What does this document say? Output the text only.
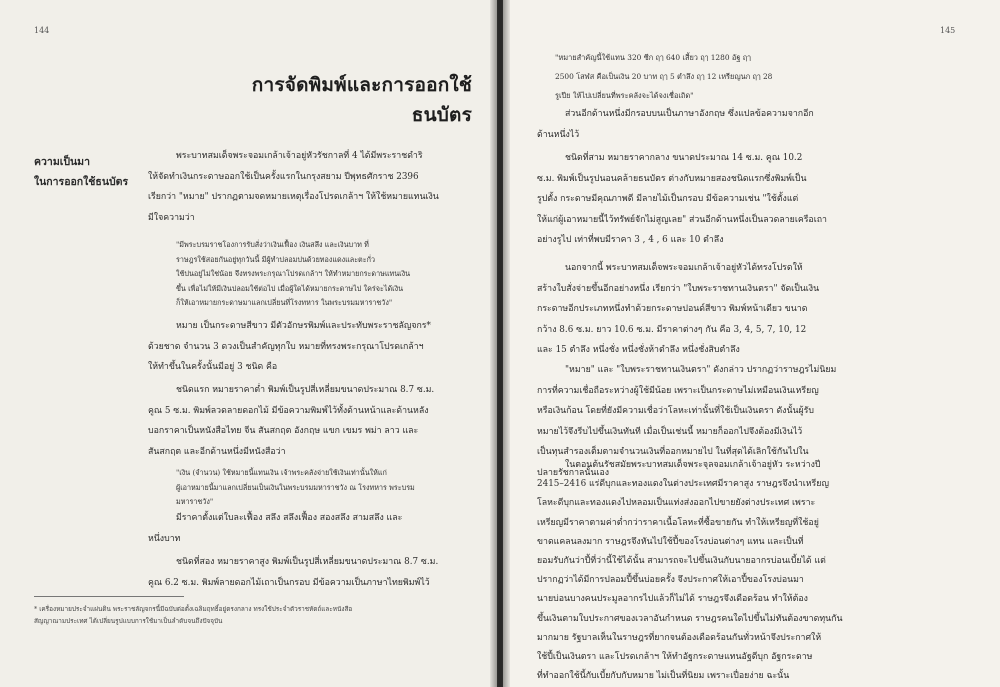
144
การจัดพิมพ์และการออกใช้ธนบัตร
ความเป็นมา
ในการออกใช้ธนบัตร
พระบาทสมเด็จพระจอมเกล้าเจ้าอยู่หัวรัชกาลที่ 4 ได้มีพระราชดำริ
ให้จัดทำเงินกระดาษออกใช้เป็นครั้งแรกในกรุงสยาม ปีพุทธศักราช 2396
เรียกว่า "หมาย" ปรากฏตามจดหมายเหตุเรื่องโปรดเกล้าฯ ให้ใช้หมายแทนเงิน
มีใจความว่า
"มีพระบรมราชโองการรับสั่งว่าเงินเฟื้อง เงินสลึง และเงินบาท ที่
ราษฎรใช้สอยกันอยู่ทุกวันนี้ มีผู้ทำปลอมปนด้วยทองแดงและตะกั่ว
ใช้ปนอยู่ไม่ใช่น้อย จึงทรงพระกรุณาโปรดเกล้าฯ ให้ทำหมายกระดาษแทนเงิน
ขึ้น เพื่อไม่ให้มีเงินปลอมใช้ต่อไป เมื่อผู้ใดได้หมายกระดาษไป ใคร่จะได้เงิน
ก็ให้เอาหมายกระดาษมาแลกเปลี่ยนที่โรงทหาร ในพระบรมมหาราชวัง"
หมาย เป็นกระดาษสีขาว มีตัวอักษรพิมพ์และประทับพระราชลัญจกร*
ด้วยชาด จำนวน 3 ดวงเป็นสำคัญทุกใบ หมายที่ทรงพระกรุณาโปรดเกล้าฯ
ให้ทำขึ้นในครั้งนั้นมีอยู่ 3 ชนิด คือ
ชนิดแรก หมายราคาต่ำ พิมพ์เป็นรูปสี่เหลี่ยมขนาดประมาณ 8.7 ซ.ม.
คูณ 5 ซ.ม. พิมพ์ลวดลายดอกไม้ มีข้อความพิมพ์ไว้ทั้งด้านหน้าและด้านหลัง
บอกราคาเป็นหนังสือไทย จีน สันสกฤต อังกฤษ แขก เขมร พม่า ลาว และ
สันสกฤต และอีกด้านหนึ่งมีหนังสือว่า
"เงิน (จำนวน) ใช้หมายนี้แทนเงิน เจ้าพระคลังจ่ายใช้เงินเท่านั้นให้แก่
ผู้เอาหมายนี้มาแลกเปลี่ยนเป็นเงินในพระบรมมหาราชวัง ณ โรงทหาร พระบรม
มหาราชวัง"
มีราคาตั้งแต่ใบละเฟื้อง สลึง สลึงเฟื้อง สองสลึง สามสลึง และ
หนึ่งบาท
ชนิดที่สอง หมายราคาสูง พิมพ์เป็นรูปสี่เหลี่ยมขนาดประมาณ 8.7 ซ.ม.
คูณ 6.2 ซ.ม. พิมพ์ลายดอกไม้เถาเป็นกรอบ มีข้อความเป็นภาษาไทยพิมพ์ไว้
* เครื่องหมายประจำแผ่นดิน พระราชลัญจกรนี้มีฉบับต่อตั้งเฉลิมฤทธิ์อยู่ตรงกลาง ทรงใช้ประจำตัวราชหัตถ์และหนังสือ
สัญญาณามประเทศ ได้เปลี่ยนรูปแบบการใช้มาเป็นลำดับจนถึงปัจจุบัน
"หมายสำคัญนี้ใช้แทน 320 ซีก ฤๅ 640 เสี้ยว ฤๅ 1280 อัฐ ฤๅ
2500 โสฬส คือเป็นเงิน 20 บาท ฤๅ 5 ตำลึง ฤๅ 12 เหรียญนก ฤๅ 28
รูเปีย ให้ไปเปลี่ยนที่พระคลังจะได้จงเชื่อเถิด"
ส่วนอีกด้านหนึ่งมีกรอบบนเป็นภาษาอังกฤษ ซึ่งแปลข้อความจากอีก
ด้านหนึ่งไว้
ชนิดที่สาม หมายราคากลาง ขนาดประมาณ 14 ซ.ม. คูณ 10.2
ซ.ม. พิมพ์เป็นรูปนอนคล้ายธนบัตร ต่างกับหมายสองชนิดแรกซึ่งพิมพ์เป็น
รูปตั้ง กระดาษมีคุณภาพดี มีลายไม้เป็นกรอบ มีข้อความเช่น "ใช้ตั้งแต่
ให้แก่ผู้เอาหมายนี้ไว้ทรัพย์จักไม่สูญเลย" ส่วนอีกด้านหนึ่งเป็นลวดลายเครือเถา
อย่างรูไป เท่าที่พบมีราคา 3 , 4 , 6 และ 10 ตำลึง
นอกจากนี้ พระบาทสมเด็จพระจอมเกล้าเจ้าอยู่หัวได้ทรงโปรดให้
สร้างใบสั่งจ่ายขึ้นอีกอย่างหนึ่ง เรียกว่า "ใบพระราชทานเงินตรา" จัดเป็นเงิน
กระดาษอีกประเภทหนึ่งทำด้วยกระดาษปอนด์สีขาว พิมพ์หน้าเดียว ขนาด
กว้าง 8.6 ซ.ม. ยาว 10.6 ซ.ม. มีราคาต่างๆ กัน คือ 3, 4, 5, 7, 10, 12
และ 15 ตำลึง หนึ่งชั่ง หนึ่งชั่งห้าตำลึง หนึ่งชั่งสิบตำลึง
"หมาย" และ "ใบพระราชทานเงินตรา" ดังกล่าว ปรากฏว่าราษฎรไม่นิยม
การที่ความเชื่อถือระหว่างผู้ใช้มีน้อย เพราะเป็นกระดาษไม่เหมือนเงินเหรียญ
หรือเงินก้อน โดยที่ยังมีความเชื่อว่าโลหะเท่านั้นที่ใช้เป็นเงินตรา ดังนั้นผู้รับ
หมายไว้จึงรีบไปขึ้นเงินทันที เมื่อเป็นเช่นนี้ หมายก็ออกไปจึงต้องมีเงินไว้
เป็นทุนสำรองเต็มตามจำนวนเงินที่ออกหมายไป ในที่สุดได้เลิกใช้กันไปใน
ปลายรัชกาลนั้นเอง
ในตอนต้นรัชสมัยพระบาทสมเด็จพระจุลจอมเกล้าเจ้าอยู่หัว ระหว่างปี
2415–2416 แร่ดีบุกและทองแดงในต่างประเทศมีราคาสูง ราษฎรจึงนำเหรียญ
โลหะดีบุกและทองแดงไปหลอมเป็นแท่งส่งออกไปขายยังต่างประเทศ เพราะ
เหรียญมีราคาตามค่าต่ำกว่าราคาเนื้อโลหะที่ซื้อขายกัน ทำให้เหรียญที่ใช้อยู่
ขาดแคลนลงมาก ราษฎรจึงหันไปใช้ปี้ของโรงบ่อนต่างๆ แทน และเป็นที่
ยอมรับกันว่าปี้ที่ว่านี้ใช้ได้นั้น สามารถจะไปขึ้นเงินกับนายอากรบ่อนเบี้ยได้ แต่
ปรากฏว่าได้มีการปลอมปี้ขึ้นบ่อยครั้ง จึงประกาศให้เอาปี้ของโรงบ่อนมา
นายบ่อนบางคนประมูลอากรไปแล้วก็ไม่ได้ ราษฎรจึงเดือดร้อน ทำให้ต้อง
ขึ้นเงินตามใบประกาศของเวลาอันกำหนด ราษฎรคนใดไปขึ้นไม่ทันต้องขาดทุนกัน
มากมาย รัฐบาลเห็นในราษฎรที่ยากจนต้องเดือดร้อนกันทั่วหน้าจึงประกาศให้
ใช้ปี้เป็นเงินตรา และโปรดเกล้าฯ ให้ทำอัฐกระดาษแทนอัฐดีบุก อัฐกระดาษ
ที่ทำออกใช้นี้กับเบี้ยกับกับหมาย ไม่เป็นที่นิยม เพราะเปื่อยง่าย ฉะนั้น
145
